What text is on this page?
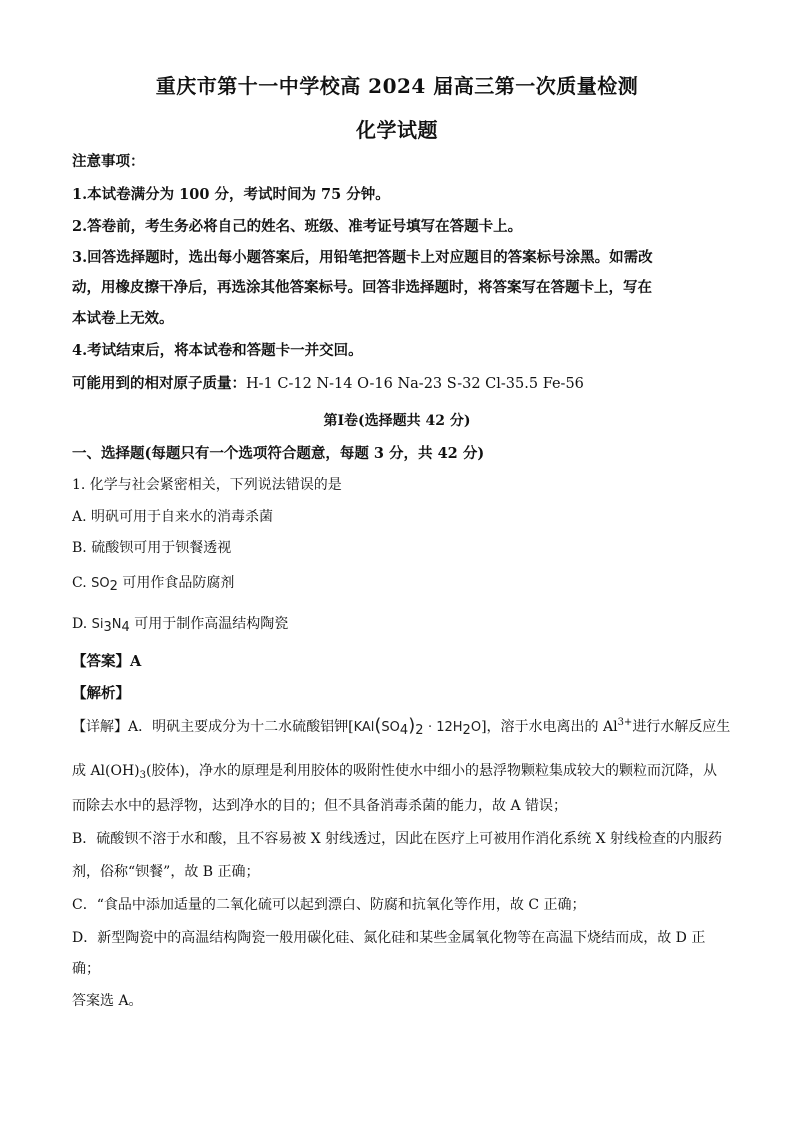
重庆市第十一中学校高 2024 届高三第一次质量检测
化学试题
注意事项：
1.本试卷满分为 100 分，考试时间为 75 分钟。
2.答卷前，考生务必将自己的姓名、班级、准考证号填写在答题卡上。
3.回答选择题时，选出每小题答案后，用铅笔把答题卡上对应题目的答案标号涂黑。如需改
动，用橡皮擦干净后，再选涂其他答案标号。回答非选择题时，将答案写在答题卡上，写在
本试卷上无效。
4.考试结束后，将本试卷和答题卡一并交回。
可能用到的相对原子质量：H-1 C-12 N-14 O-16 Na-23 S-32 Cl-35.5 Fe-56
第Ⅰ卷(选择题共 42 分)
一、选择题(每题只有一个选项符合题意，每题 3 分，共 42 分)
1. 化学与社会紧密相关，下列说法错误的是
A. 明矾可用于自来水的消毒杀菌
B. 硫酸钡可用于钡餐透视
C. SO2 可用作食品防腐剂
D. Si3N4 可用于制作高温结构陶瓷
【答案】A
【解析】
【详解】A．明矾主要成分为十二水硫酸铝钾[KAl(SO4)2 · 12H2O]，溶于水电离出的 $Al^{3+}$进行水解反应生
成 $Al(OH)_3$(胶体)，净水的原理是利用胶体的吸附性使水中细小的悬浮物颗粒集成较大的颗粒而沉降，从
而除去水中的悬浮物，达到净水的目的；但不具备消毒杀菌的能力，故 A 错误；
B．硫酸钡不溶于水和酸，且不容易被 X 射线透过，因此在医疗上可被用作消化系统 X 射线检查的内服药
剂，俗称“钡餐”，故 B 正确；
C．“食品中添加适量的二氧化硫可以起到漂白、防腐和抗氧化等作用，故 C 正确；
D．新型陶瓷中的高温结构陶瓷一般用碳化硅、氮化硅和某些金属氧化物等在高温下烧结而成，故 D 正
确；
答案选 A。
